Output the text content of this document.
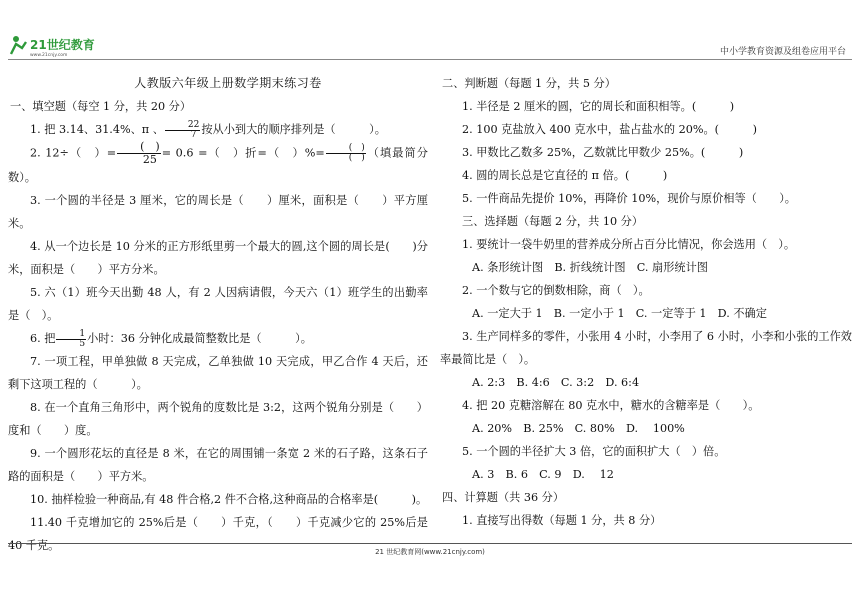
21世纪教育
www.21cnjy.com	中小学教育资源及组卷应用平台
人教版六年级上册数学期末练习卷
一、填空题（每空 1 分，共 20 分）

1. 把 3.14、31.4%、π 、 $\frac{22}{7}$ 按从小到大的顺序排列是（　　　）。

2. 12÷（　）= $\frac{( )}{25} = 0.6$ =（　）折=（　）%= $\frac{( )}{( )}$ （填最简分数）。

3. 一个圆的半径是 3 厘米，它的周长是（　　）厘米，面积是（　　）平方厘米。

4. 从一个边长是 10 分米的正方形纸里剪一个最大的圆,这个圆的周长是(　　)分米，面积是（　　）平方分米。

5. 六（1）班今天出勤 48 人，有 2 人因病请假，今天六（1）班学生的出勤率是（　）。

6. 把 $\frac{1}{5}$ 小时：36 分钟化成最简整数比是（　　　）。

7. 一项工程，甲单独做 8 天完成，乙单独做 10 天完成，甲乙合作 4 天后，还剩下这项工程的（　　　）。

8. 在一个直角三角形中，两个锐角的度数比是 3:2，这两个锐角分别是（　　）度和（　　）度。

9. 一个圆形花坛的直径是 8 米，在它的周围铺一条宽 2 米的石子路，这条石子路的面积是（　　）平方米。

10. 抽样检验一种商品,有 48 件合格,2 件不合格,这种商品的合格率是(　　　)。

11.40 千克增加它的 25%后是（　　）千克，（　　）千克减少它的 25%后是 40 千克。

二、判断题（每题 1 分，共 5 分）

1. 半径是 2 厘米的圆，它的周长和面积相等。(　　　)

2. 100 克盐放入 400 克水中，盐占盐水的 20%。(　　　)

3. 甲数比乙数多 25%，乙数就比甲数少 25%。(　　　)

4. 圆的周长总是它直径的 π 倍。(　　　)

5. 一件商品先提价 10%，再降价 10%，现价与原价相等（　　）。

三、选择题（每题 2 分，共 10 分）

1. 要统计一袋牛奶里的营养成分所占百分比情况，你会选用（　）。

A. 条形统计图　B. 折线统计图　C. 扇形统计图

2. 一个数与它的倒数相除，商（　）。

A. 一定大于 1　B. 一定小于 1　C. 一定等于 1　D. 不确定

3. 生产同样多的零件，小张用 4 小时，小李用了 6 小时，小李和小张的工作效率最简比是（　）。

A. 2:3　B. 4:6　C. 3:2　D. 6:4

4. 把 20 克糖溶解在 80 克水中，糖水的含糖率是（　　）。

A. 20%　B. 25%　C. 80%　D. 　100%

5. 一个圆的半径扩大 3 倍，它的面积扩大（　）倍。

A. 3　B. 6　C. 9　D. 　12
四、计算题（共 36 分）

1. 直接写出得数（每题 1 分，共 8 分）

21 世纪教育网(www.21cnjy.com)
